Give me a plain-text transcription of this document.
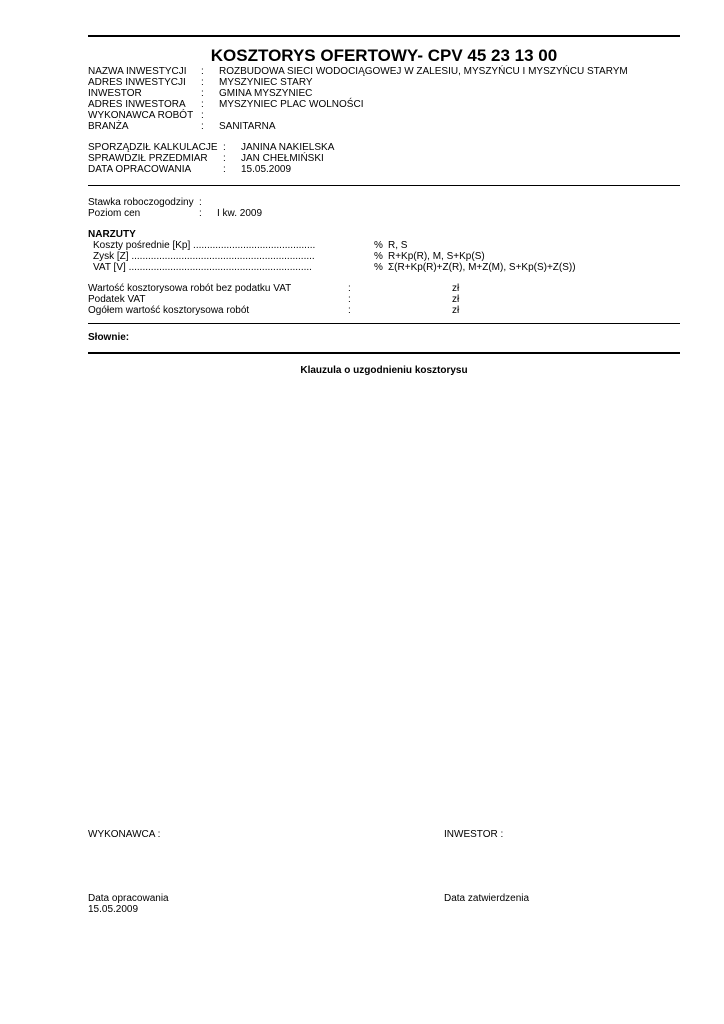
KOSZTORYS OFERTOWY- CPV 45 23 13 00
NAZWA INWESTYCJI : ROZBUDOWA SIECI WODOCIĄGOWEJ W ZALESIU, MYSZYŃCU I MYSZYŃCU STARYM
ADRES INWESTYCJI : MYSZYNIEC STARY
INWESTOR	: GMINA MYSZYNIEC
ADRES INWESTORA : MYSZYNIEC PLAC WOLNOŚCI
WYKONAWCA ROBÓT :
BRANŻA	: SANITARNA
SPORZĄDZIŁ KALKULACJE : JANINA NAKIELSKA
SPRAWDZIŁ PRZEDMIAR : JAN CHEŁMIŃSKI
DATA OPRACOWANIA	: 15.05.2009
Stawka roboczogodziny :
Poziom cen	: I kw. 2009
NARZUTY
Koszty pośrednie [Kp] ............................................	% R, S
Zysk [Z] ..................................................................	% R+Kp(R), M, S+Kp(S)
VAT [V] ..................................................................	% Σ(R+Kp(R)+Z(R), M+Z(M), S+Kp(S)+Z(S))
Wartość kosztorysowa robót bez podatku VAT	:	zł
Podatek VAT	:	zł
Ogółem wartość kosztorysowa robót	:	zł
Słownie:
Klauzula o uzgodnieniu kosztorysu
WYKONAWCA :	INWESTOR :
Data opracowania
15.05.2009
Data zatwierdzenia
